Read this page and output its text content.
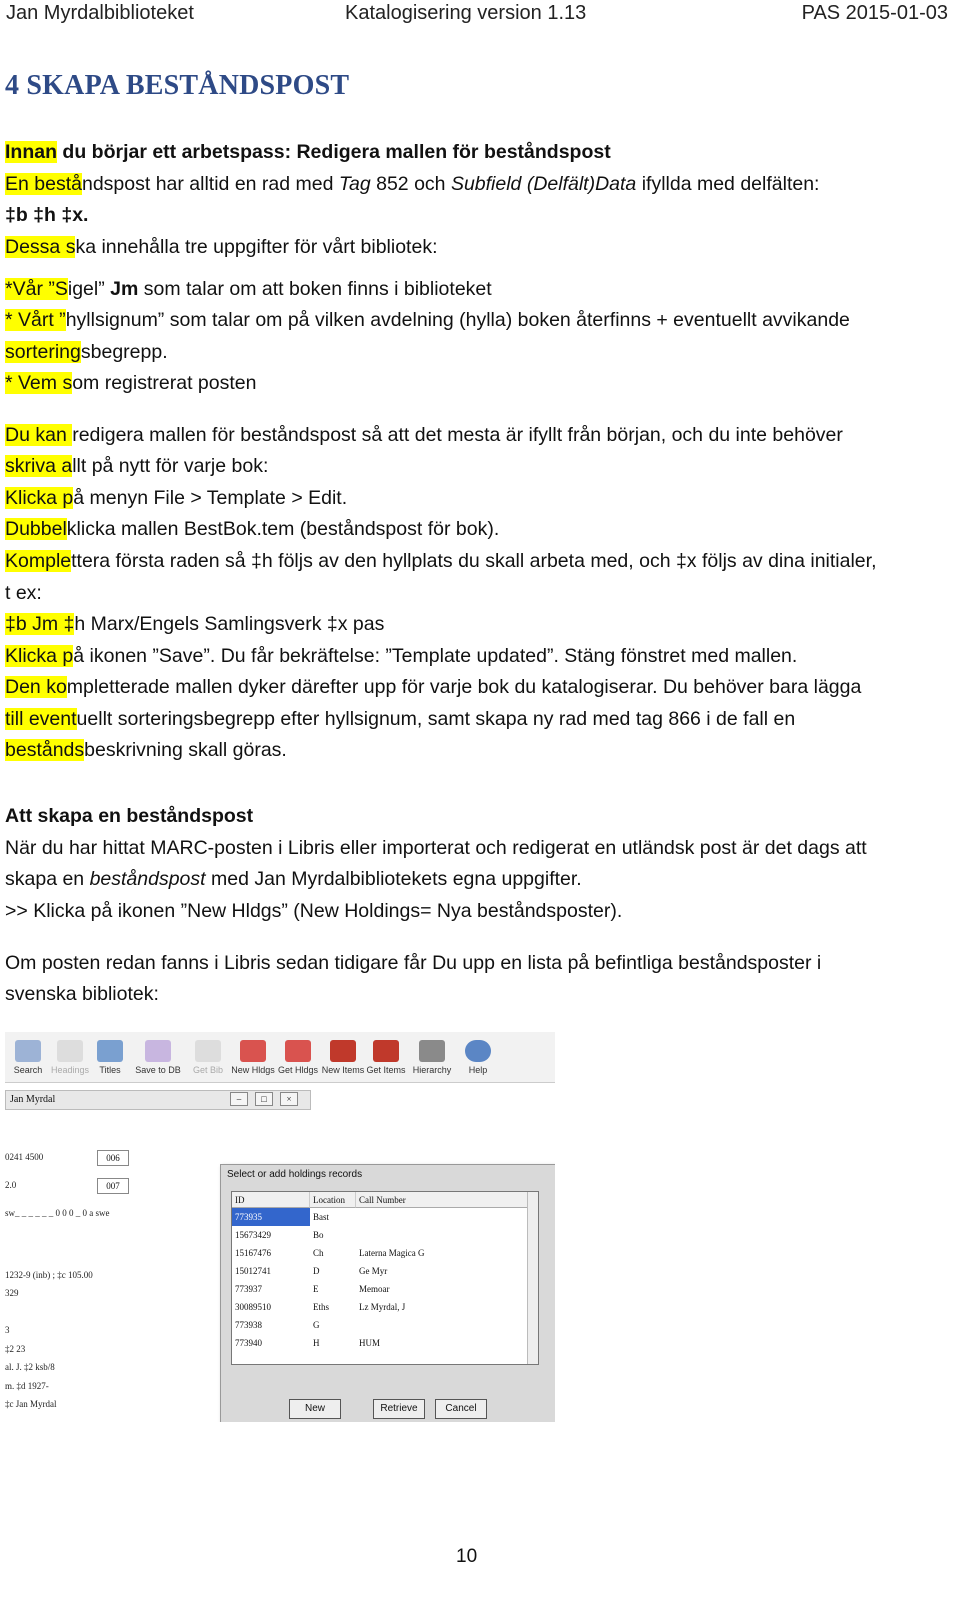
Jan Myrdalbiblioteket	Katalogisering version 1.13	PAS 2015-01-03
4 SKAPA BESTÅNDSPOST
Innan du börjar ett arbetspass: Redigera mallen för beståndspost
En beståndspost har alltid en rad med Tag 852 och Subfield (Delfält)Data ifyllda med delfälten:
‡b ‡h ‡x.
Dessa ska innehålla tre uppgifter för vårt bibliotek:
*Vår ”Sigel” Jm som talar om att boken finns i biblioteket
* Vårt ”hyllsignum” som talar om på vilken avdelning (hylla) boken återfinns + eventuellt avvikande
sorteringsbegrepp.
* Vem som registrerat posten
Du kan redigera mallen för beståndspost så att det mesta är ifyllt från början, och du inte behöver
skriva allt på nytt för varje bok:
Klicka på menyn File > Template > Edit.
Dubbelklicka mallen BestBok.tem (beståndspost för bok).
Komplettera första raden så ‡h följs av den hyllplats du skall arbeta med, och ‡x följs av dina initialer,
t ex:
‡b Jm ‡h Marx/Engels Samlingsverk ‡x pas
Klicka på ikonen ”Save”. Du får bekräftelse: ”Template updated”. Stäng fönstret med mallen.
Den kompletterade mallen dyker därefter upp för varje bok du katalogiserar. Du behöver bara lägga
till eventuellt sorteringsbegrepp efter hyllsignum, samt skapa ny rad med tag 866 i de fall en
beståndsbeskrivning skall göras.
Att skapa en beståndspost
När du har hittat MARC-posten i Libris eller importerat och redigerat en utländsk post är det dags att
skapa en beståndspost med Jan Myrdalbibliotekets egna uppgifter.
>> Klicka på ikonen ”New Hldgs” (New Holdings= Nya beståndsposter).
Om posten redan fanns i Libris sedan tidigare får Du upp en lista på befintliga beståndsposter i
svenska bibliotek:
Search Headings	Titles	Save to DB	Get Bib New Hldgs Get Hldgs New Items Get Items Hierarchy	Help
Jan Myrdal	–	□	×
0241 4500	006
2.0	007
sw_ _ _ _ _ _ 0 0 0 _ 0 a swe
1232-9 (inb) ; ‡c 105.00
329
3
‡2 23
al. J. ‡2 ksb/8
m. ‡d 1927-
‡c Jan Myrdal
Select or add holdings records
ID	Location	Call Number
773935	Bast
15673429	Bo
15167476	Ch	Laterna Magica G
15012741	D	Ge Myr
773937	E	Memoar
30089510	Eths	Lz Myrdal, J
773938	G
773940	H	HUM
New	Retrieve	Cancel
10
